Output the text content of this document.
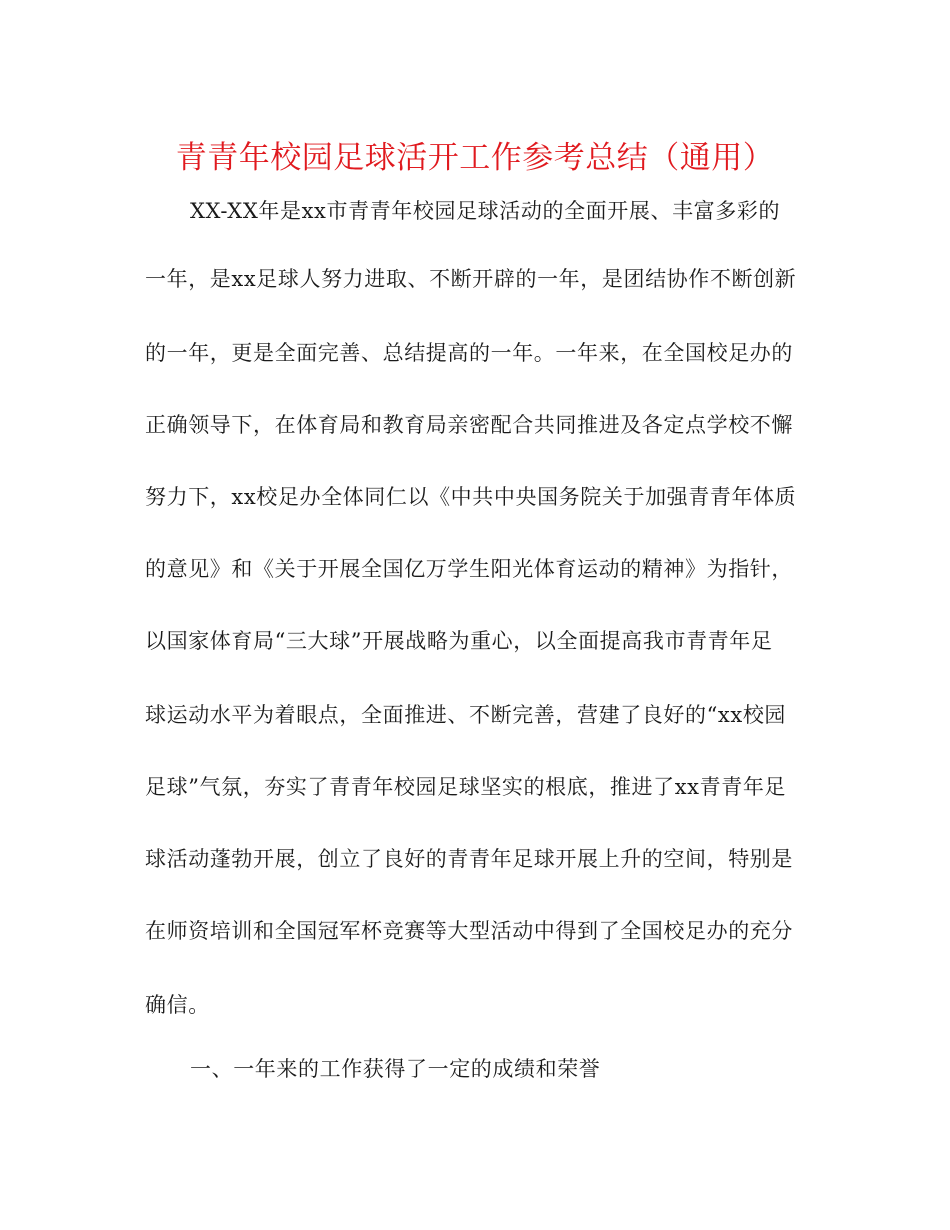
青青年校园足球活开工作参考总结（通用）
XX-XX年是xx市青青年校园足球活动的全面开展、丰富多彩的
一年，是xx足球人努力进取、不断开辟的一年，是团结协作不断创新
的一年，更是全面完善、总结提高的一年。一年来，在全国校足办的
正确领导下，在体育局和教育局亲密配合共同推进及各定点学校不懈
努力下，xx校足办全体同仁以《中共中央国务院关于加强青青年体质
的意见》和《关于开展全国亿万学生阳光体育运动的精神》为指针，
以国家体育局“三大球”开展战略为重心，以全面提高我市青青年足
球运动水平为着眼点，全面推进、不断完善，营建了良好的“xx校园
足球”气氛，夯实了青青年校园足球坚实的根底，推进了xx青青年足
球活动蓬勃开展，创立了良好的青青年足球开展上升的空间，特别是
在师资培训和全国冠军杯竞赛等大型活动中得到了全国校足办的充分
确信。
一、一年来的工作获得了一定的成绩和荣誉
